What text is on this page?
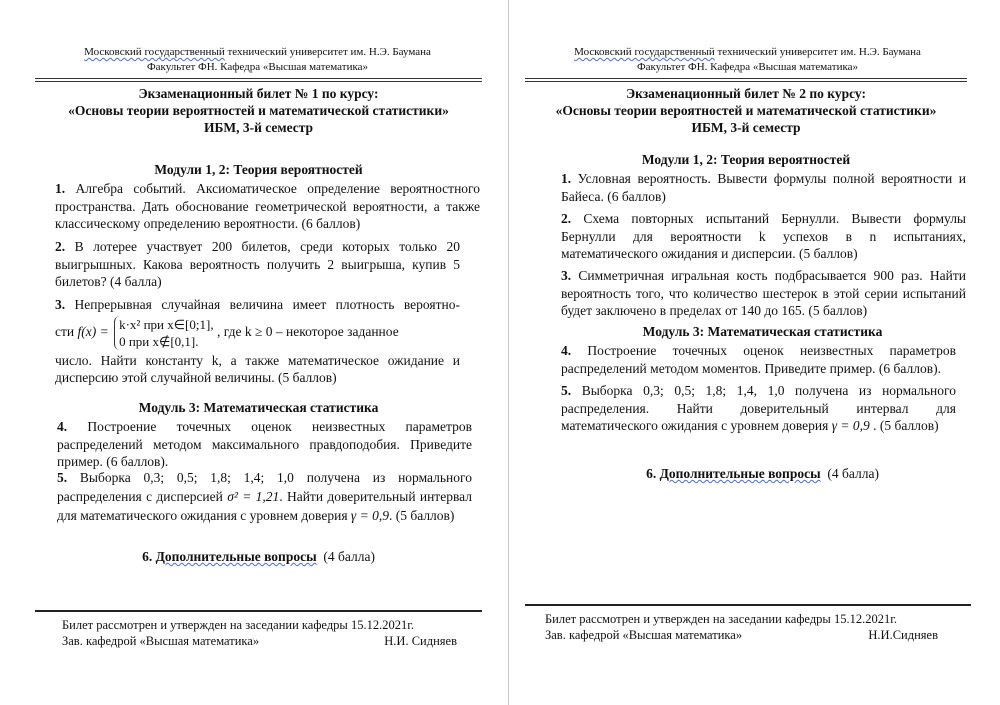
Московский государственный технический университет им. Н.Э. Баумана
Факультет ФН. Кафедра «Высшая математика»
Экзаменационный билет № 1 по курсу:
«Основы теории вероятностей и математической статистики»
ИБМ, 3-й семестр
Модули 1, 2: Теория вероятностей
1. Алгебра событий. Аксиоматическое определение вероятностного пространства. Дать обоснование геометрической вероятности, а также классическому определению вероятности. (6 баллов)
2. В лотерее участвует 200 билетов, среди которых только 20 выигрышных. Какова вероятность получить 2 выигрыша, купив 5 билетов? (4 балла)
3. Непрерывная случайная величина имеет плотность вероятно-
сти f(x) = k·x² при x∈[0;1],
0 при x∉[0,1].
, где k ≥ 0 – некоторое заданное
число. Найти константу k, а также математическое ожидание и дисперсию этой случайной величины. (5 баллов)
Модуль 3: Математическая статистика
4. Построение точечных оценок неизвестных параметров распределений методом максимального правдоподобия. Приведите пример. (6 баллов).
5. Выборка 0,3; 0,5; 1,8; 1,4; 1,0 получена из нормального распределения с дисперсией σ² = 1,21. Найти доверительный интервал для математического ожидания с уровнем доверия γ = 0,9. (5 баллов)
6. Дополнительные вопросы (4 балла)
Билет рассмотрен и утвержден на заседании кафедры 15.12.2021г.
Зав. кафедрой «Высшая математика»	Н.И. Сидняев
Московский государственный технический университет им. Н.Э. Баумана
Факультет ФН. Кафедра «Высшая математика»
Экзаменационный билет № 2 по курсу:
«Основы теории вероятностей и математической статистики»
ИБМ, 3-й семестр
Модули 1, 2: Теория вероятностей
1. Условная вероятность. Вывести формулы полной вероятности и Байеса. (6 баллов)
2. Схема повторных испытаний Бернулли. Вывести формулы Бернулли для вероятности k успехов в n испытаниях, математического ожидания и дисперсии. (5 баллов)
3. Симметричная игральная кость подбрасывается 900 раз. Найти вероятность того, что количество шестерок в этой серии испытаний будет заключено в пределах от 140 до 165. (5 баллов)
Модуль 3: Математическая статистика
4. Построение точечных оценок неизвестных параметров распределений методом моментов. Приведите пример. (6 баллов).
5. Выборка 0,3; 0,5; 1,8; 1,4, 1,0 получена из нормального распределения. Найти доверительный интервал для математического ожидания с уровнем доверия γ = 0,9 . (5 баллов)
6. Дополнительные вопросы (4 балла)
Билет рассмотрен и утвержден на заседании кафедры 15.12.2021г.
Зав. кафедрой «Высшая математика»	Н.И.Сидняев
